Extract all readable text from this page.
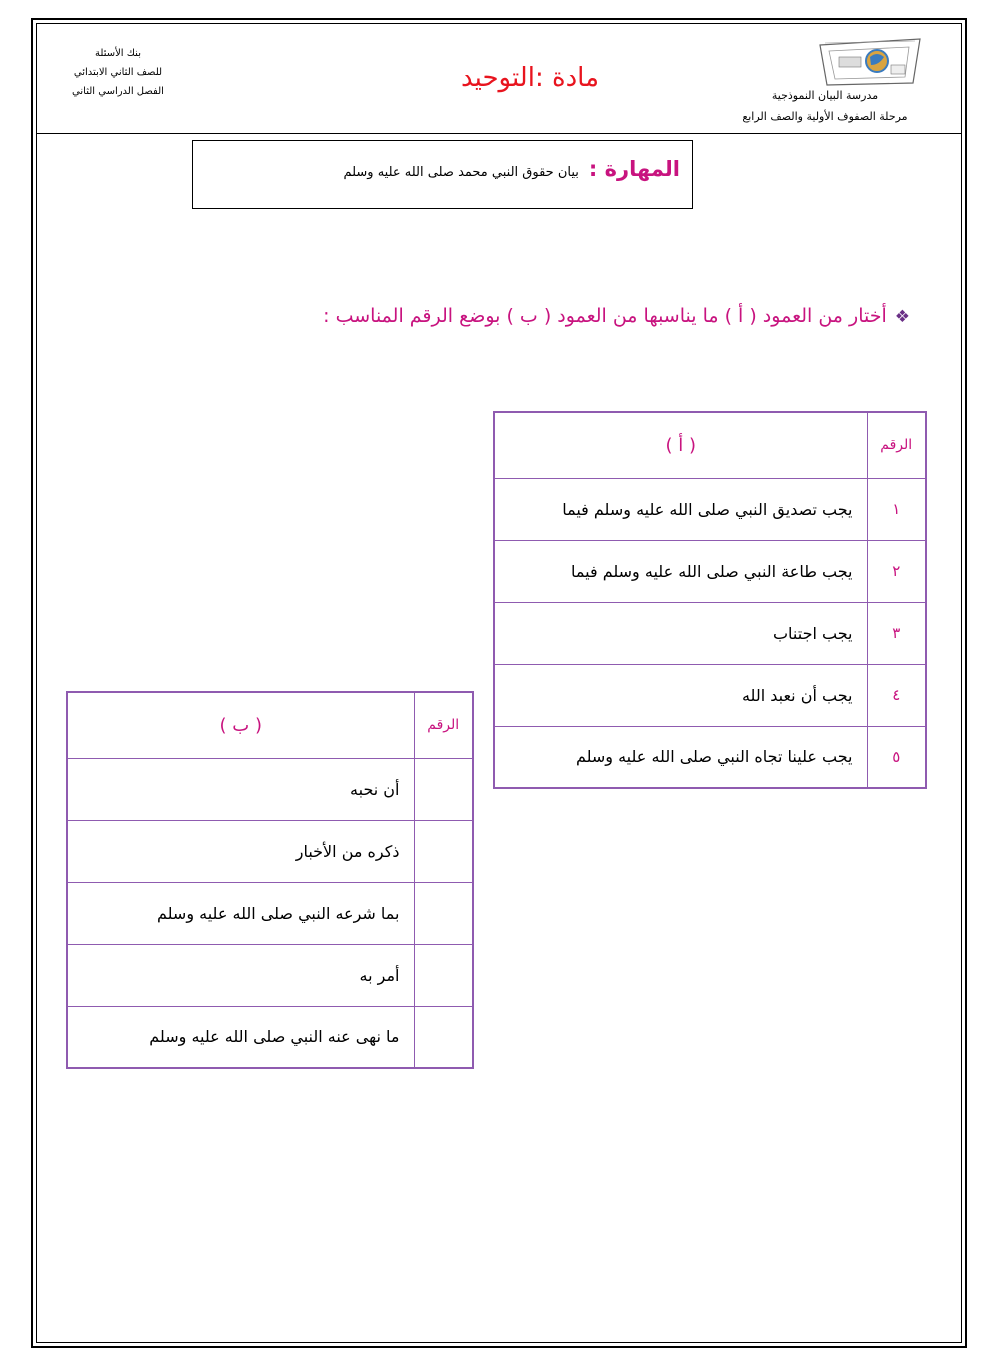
مدرسة البيان النموذجية
مرحلة الصفوف الأولية والصف الرابع
مادة :التوحيد
بنك الأسئلة
للصف الثاني الابتدائي
الفصل الدراسي الثاني
المهارة :بيان حقوق النبي محمد صلى الله عليه وسلم
❖أختار من العمود ( أ ) ما يناسبها من العمود ( ب ) بوضع الرقم المناسب :
الرقم	( أ )
١	يجب تصديق النبي صلى الله عليه وسلم فيما
٢	يجب طاعة النبي صلى الله عليه وسلم فيما
٣	يجب اجتناب
٤	يجب أن نعبد الله
٥	يجب علينا تجاه النبي صلى الله عليه وسلم
الرقم	( ب )
	أن نحبه
	ذكره من الأخبار
	بما شرعه النبي صلى الله عليه وسلم
	أمر به
	ما نهى عنه النبي صلى الله عليه وسلم
